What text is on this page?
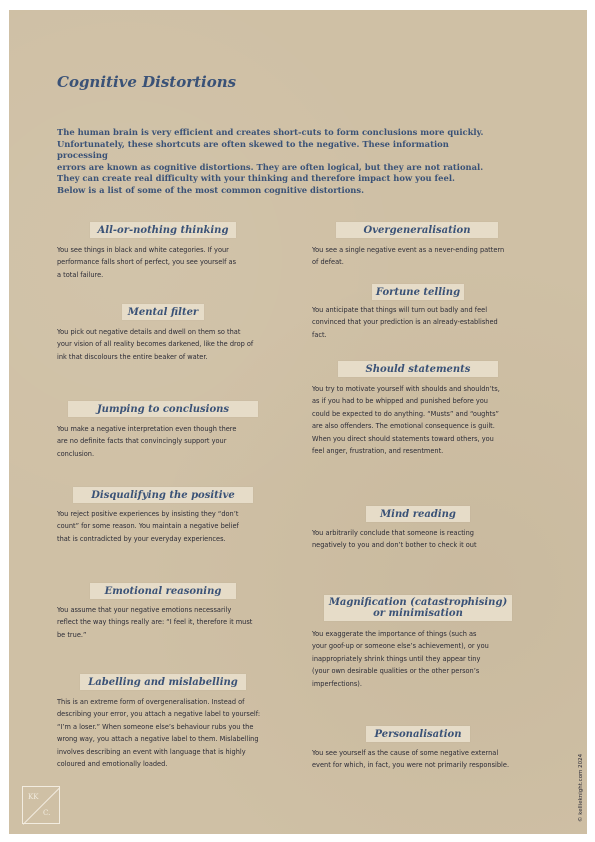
Cognitive Distortions

The human brain is very efficient and creates short-cuts to form conclusions more quickly.
Unfortunately, these shortcuts are often skewed to the negative. These information processing
errors are known as cognitive distortions. They are often logical, but they are not rational.
They can create real difficulty with your thinking and therefore impact how you feel.
Below is a list of some of the most common cognitive distortions.

All-or-nothing thinking

You see things in black and white categories. If your
performance falls short of perfect, you see yourself as
a total failure.

Mental filter

You pick out negative details and dwell on them so that
your vision of all reality becomes darkened, like the drop of
ink that discolours the entire beaker of water.

Jumping to conclusions

You make a negative interpretation even though there
are no definite facts that convincingly support your
conclusion.

Disqualifying the positive

You reject positive experiences by insisting they “don’t
count” for some reason. You maintain a negative belief
that is contradicted by your everyday experiences.

Emotional reasoning

You assume that your negative emotions necessarily
reflect the way things really are: “I feel it, therefore it must
be true.”

Labelling and mislabelling

This is an extreme form of overgeneralisation. Instead of
describing your error, you attach a negative label to yourself:
“I’m a loser.” When someone else’s behaviour rubs you the
wrong way, you attach a negative label to them. Mislabelling
involves describing an event with language that is highly
coloured and emotionally loaded.

Overgeneralisation

You see a single negative event as a never-ending pattern
of defeat.

Fortune telling

You anticipate that things will turn out badly and feel
convinced that your prediction is an already-established
fact.

Should statements

You try to motivate yourself with shoulds and shouldn’ts,
as if you had to be whipped and punished before you
could be expected to do anything. “Musts” and “oughts”
are also offenders. The emotional consequence is guilt.
When you direct should statements toward others, you
feel anger, frustration, and resentment.

Mind reading

You arbitrarily conclude that someone is reacting
negatively to you and don’t bother to check it out

Magnification (catastrophising)
or minimisation

You exaggerate the importance of things (such as
your goof-up or someone else’s achievement), or you
inappropriately shrink things until they appear tiny
(your own desirable qualities or the other person’s
imperfections).

Personalisation

You see yourself as the cause of some negative external
event for which, in fact, you were not primarily responsible.

KK
C.	© kellieknight.com 2024
